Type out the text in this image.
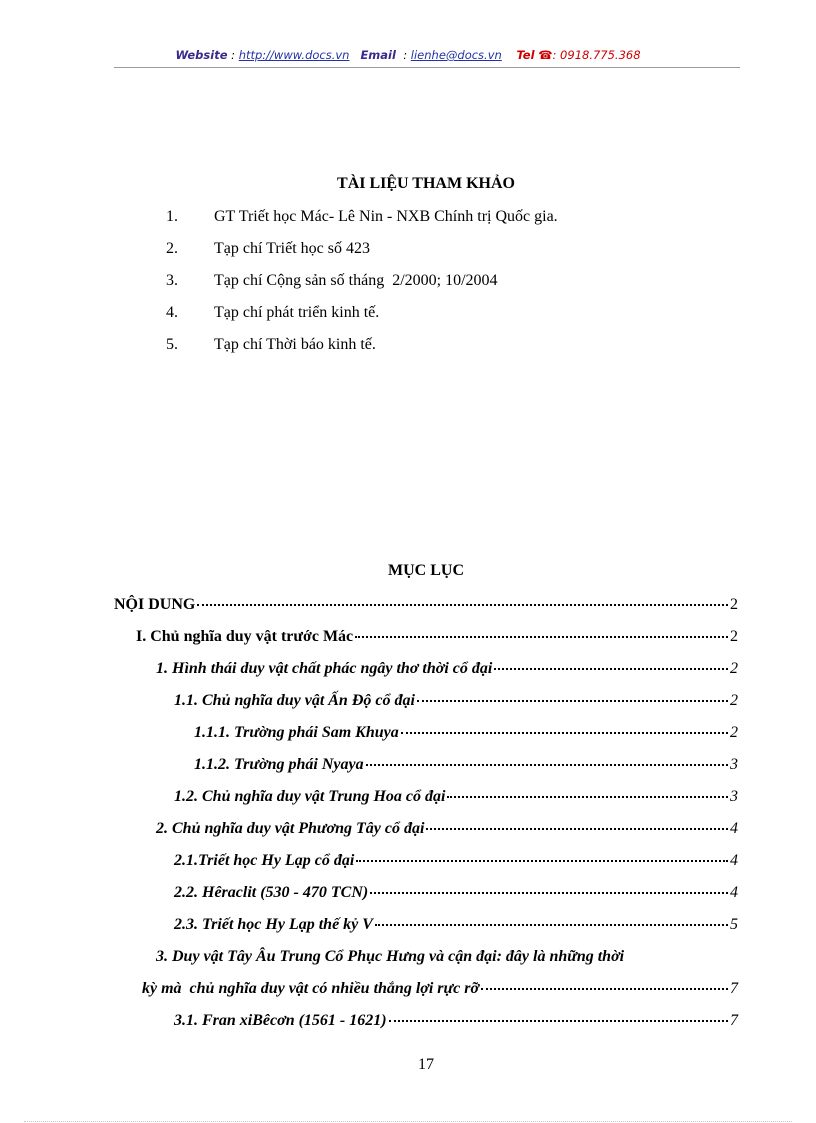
Website : http://www.docs.vn Email : lienhe@docs.vn Tel ☎: 0918.775.368
TÀI LIỆU THAM KHẢO
1. GT Triết học Mác- Lê Nin - NXB Chính trị Quốc gia.
2. Tạp chí Triết học số 423
3. Tạp chí Cộng sản số tháng  2/2000; 10/2004
4. Tạp chí phát triển kinh tế.
5. Tạp chí Thời báo kinh tế.
MỤC LỤC
NỘI DUNG	2
I. Chủ nghĩa duy vật trước Mác	2
1. Hình thái duy vật chất phác ngây thơ thời cổ đại	2
1.1. Chủ nghĩa duy vật Ấn Độ cổ đại	2
1.1.1. Trường phái Sam Khuya	2
1.1.2. Trường phái Nyaya	3
1.2. Chủ nghĩa duy vật Trung Hoa cổ đại	3
2. Chủ nghĩa duy vật Phương Tây cổ đại	4
2.1.Triết học Hy Lạp cổ đại	4
2.2. Hêraclit (530 - 470 TCN)	4
2.3. Triết học Hy Lạp thế kỷ V	5
3. Duy vật Tây Âu Trung Cổ Phục Hưng và cận đại: đây là những thời
kỳ mà  chủ nghĩa duy vật có nhiều thắng lợi rực rỡ	7
3.1. Fran xiBêcơn (1561 - 1621)	7
17
